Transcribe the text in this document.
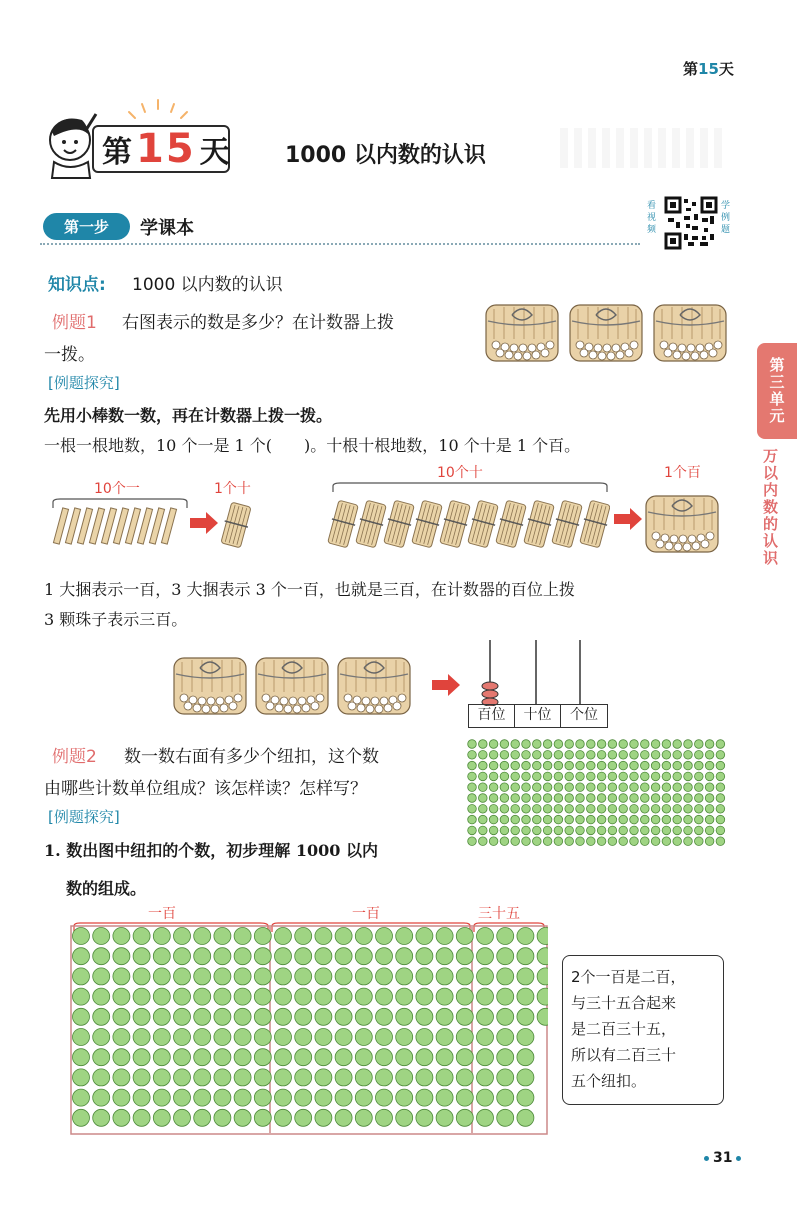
第15天
第 15 天	1000 以内数的认识
第一步	学课本
看视频
学例题
第三单元
万以内数的认识
知识点: 1000 以内数的认识
例题1 右图表示的数是多少？在计数器上拨
一拨。
[例题探究]
先用小棒数一数，再在计数器上拨一拨。
一根一根地数，10 个一是 1 个(　　)。十根十根地数，10 个十是 1 个百。
10个一	1个十
10个十	1个百
1 大捆表示一百，3 大捆表示 3 个一百，也就是三百，在计数器的百位上拨
3 颗珠子表示三百。
百位	十位	个位
例题2 数一数右面有多少个纽扣，这个数
由哪些计数单位组成？该怎样读？怎样写？
[例题探究]
1. 数出图中纽扣的个数，初步理解 1000 以内
数的组成。
一百	一百	三十五
2个一百是二百，
与三十五合起来
是二百三十五，
所以有二百三十
五个纽扣。
31
